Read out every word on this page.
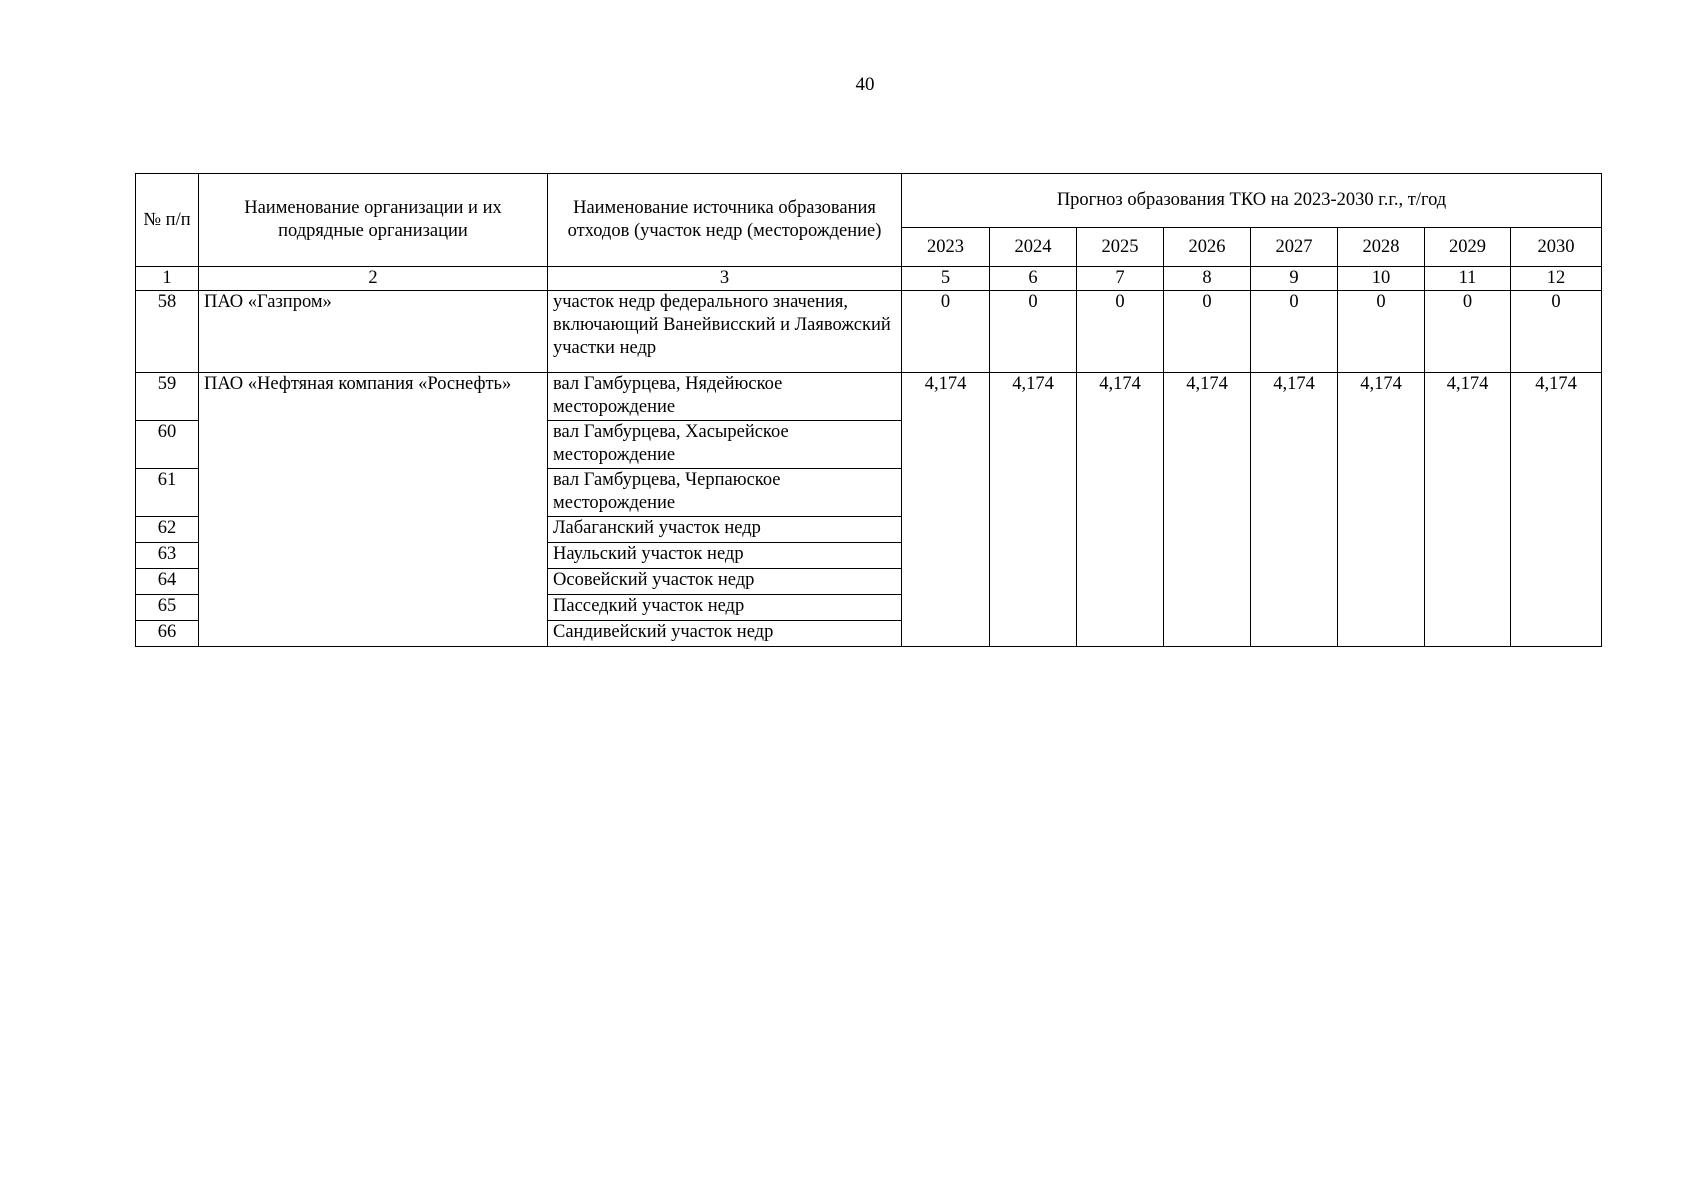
40
№ п/п	Наименование организации и их подрядные организации	Наименование источника образования отходов (участок недр (месторождение)	Прогноз образования ТКО на 2023-2030 г.г., т/год							
			2023	2024	2025	2026	2027	2028	2029	2030
1	2	3	5	6	7	8	9	10	11	12
58	ПАО «Газпром»	участок недр федерального значения, включающий Ванейвисский и Лаявожский участки недр	0	0	0	0	0	0	0	0
59	ПАО «Нефтяная компания «Роснефть»	вал Гамбурцева, Нядейюское месторождение	4,174	4,174	4,174	4,174	4,174	4,174	4,174	4,174
60		вал Гамбурцева, Хасырейское месторождение								
61		вал Гамбурцева, Черпаюское месторождение								
62		Лабаганский участок недр								
63		Наульский участок недр								
64		Осовейский участок недр								
65		Пасседкий участок недр								
66		Сандивейский участок недр								
